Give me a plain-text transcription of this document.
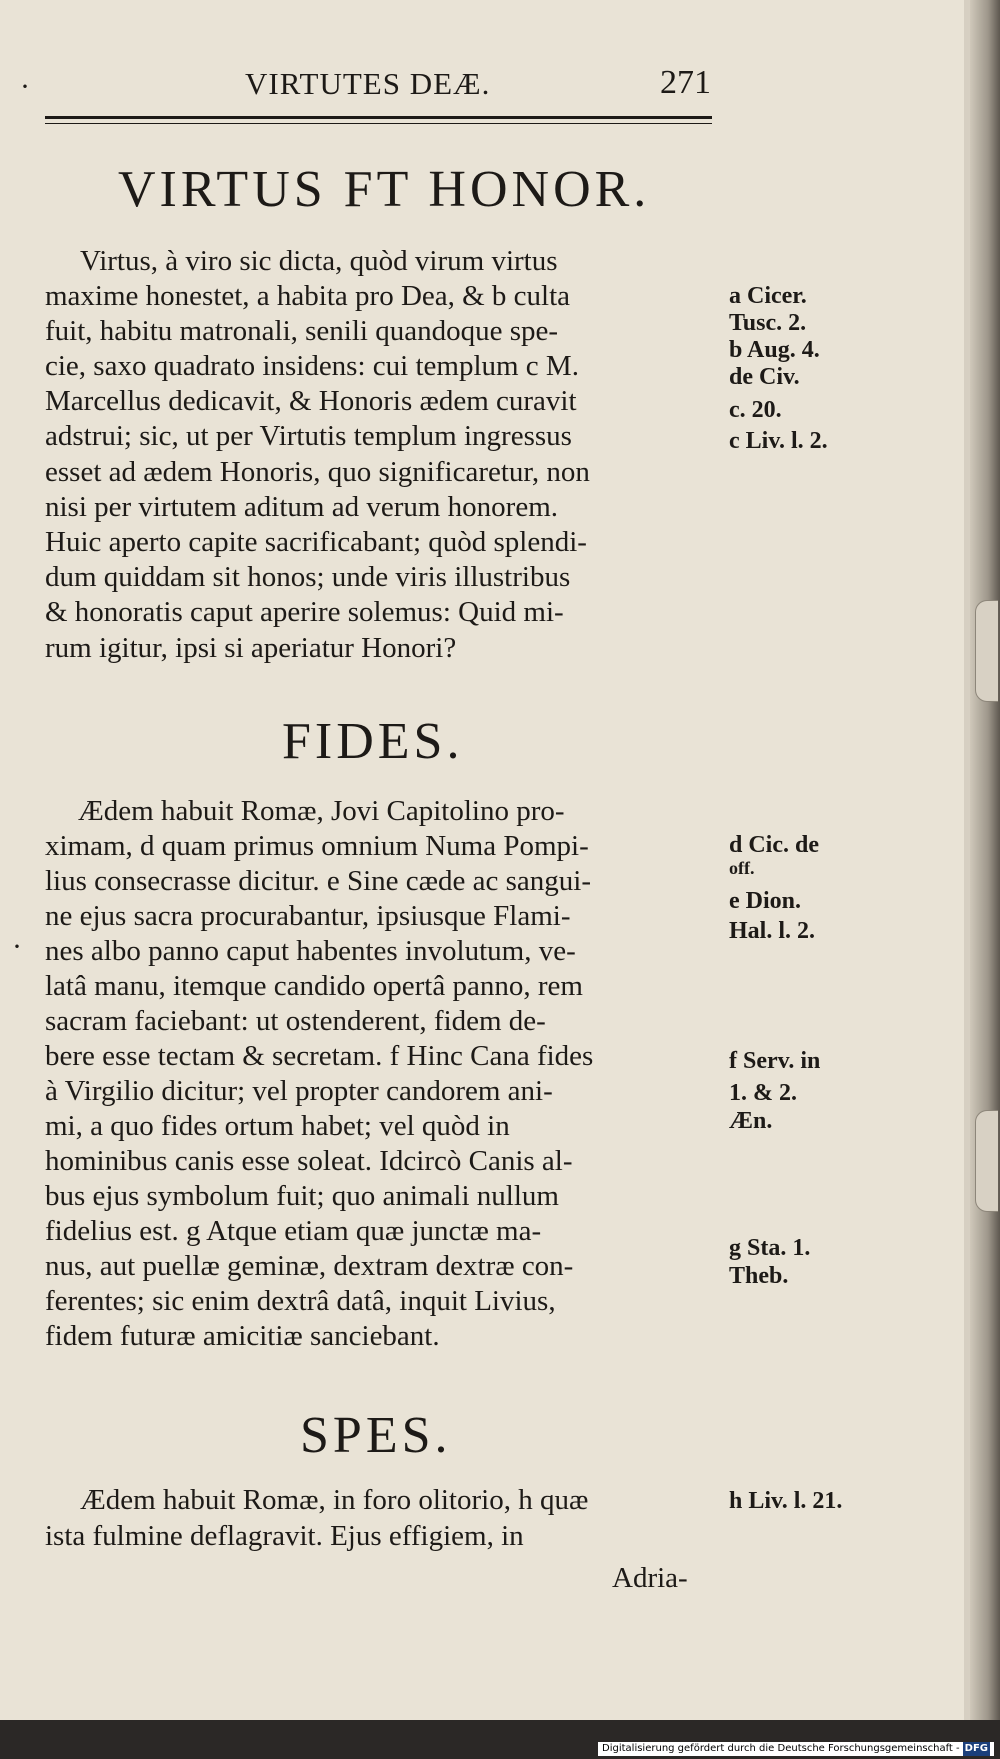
VIRTUTES DEÆ.	271
VIRTUS FT HONOR.
Virtus, à viro sic dicta, quòd virum virtus
maxime honestet, a habita pro Dea, & b culta
fuit, habitu matronali, senili quandoque spe-
cie, saxo quadrato insidens: cui templum c M.
Marcellus dedicavit, & Honoris ædem curavit
adstrui; sic, ut per Virtutis templum ingressus
esset ad ædem Honoris, quo significaretur, non
nisi per virtutem aditum ad verum honorem.
Huic aperto capite sacrificabant; quòd splendi-
dum quiddam sit honos; unde viris illustribus
& honoratis caput aperire solemus: Quid mi-
rum igitur, ipsi si aperiatur Honori?
a Cicer.
Tusc. 2.
b Aug. 4.
de Civ.
c. 20.
c Liv. l. 2.
FIDES.
Ædem habuit Romæ, Jovi Capitolino pro-
ximam, d quam primus omnium Numa Pompi-
lius consecrasse dicitur. e Sine cæde ac sangui-
ne ejus sacra procurabantur, ipsiusque Flami-
nes albo panno caput habentes involutum, ve-
latâ manu, itemque candido opertâ panno, rem
sacram faciebant: ut ostenderent, fidem de-
bere esse tectam & secretam. f Hinc Cana fides
à Virgilio dicitur; vel propter candorem ani-
mi, a quo fides ortum habet; vel quòd in
hominibus canis esse soleat. Idcircò Canis al-
bus ejus symbolum fuit; quo animali nullum
fidelius est. g Atque etiam quæ junctæ ma-
nus, aut puellæ geminæ, dextram dextræ con-
ferentes; sic enim dextrâ datâ, inquit Livius,
fidem futuræ amicitiæ sanciebant.
d Cic. de
off.
e Dion.
Hal. l. 2.
f Serv. in
1. & 2.
Æn.
g Sta. 1.
Theb.
SPES.
Ædem habuit Romæ, in foro olitorio, h quæ
ista fulmine deflagravit. Ejus effigiem, in
h Liv. l. 21.
Adria-
·
·
Digitalisierung gefördert durch die Deutsche Forschungsgemeinschaft - DFG
